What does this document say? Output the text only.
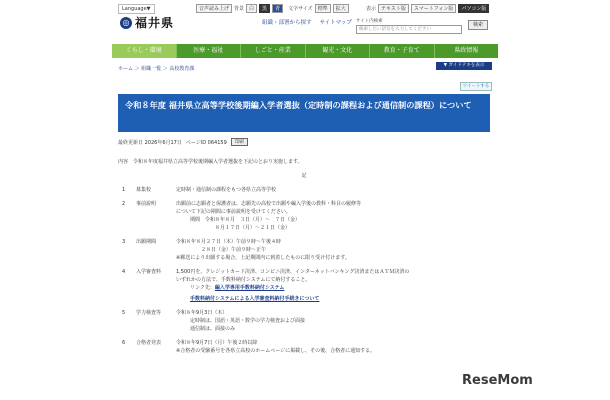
Language▼
◎ 福井県
音声読み上げ	背景	白	黒	青	文字サイズ	標準	拡大	表示	テキスト版	スマートフォン版	パソコン版
組織・部署から探す サイトマップ サイト内検索
検索したい語句を入力してください
検索
くらし・環境	医療・福祉	しごと・産業	観光・文化	教育・子育て	県政情報
ホーム ＞ 組織一覧 ＞ 高校教育課
▼ ガイドテキを表示
ツイートする
令和８年度 福井県立高等学校後期編入学者選抜（定時制の課程および通信制の課程）について
最終更新日 2026年6月17日 ページID 064159	印刷
内容　令和８年度福井県立高等学校後期編入学者選抜を下記のとおり実施します。
記
1	募集校	定時制・通信制の課程をもつ各県立高等学校
2	事前説明	出願前に志願者と保護者は、志願先の高校で出願や編入学後の教科・科目の履修等
について下記の期間に事前説明を受けてください。
期間　令和８年８月　３日（月）～　７日（金）
　　　　　８月１７日（月）～２１日（金）
3	出願期間	令和８年８月２７日（木）午前９時～午後４時
　　　　　２８日（金）午前９時～正午
※郵送により出願する場合、上記期間内に到着したものに限り受け付けます。
4	入学審査料	1,500円を、クレジットカード決済、コンビニ決済、インターネットバンキング決済またはＡＴＭ決済の
いずれかの方法で、手数料納付システムにて納付すること。
リンク先：編入学専用手数料納付システム
手数料納付システムによる入学審査料納付手続きについて
5	学力検査等	令和８年9月3日（木）
定時制は、国語・英語・数学の学力検査および面接
通信制は、面接のみ
6	合格者発表	令和８年9月7日（月）午後２時以降
※合格者の受験番号を各県立高校のホームページに掲載し、その後、合格者に通知する。
ReseMom
